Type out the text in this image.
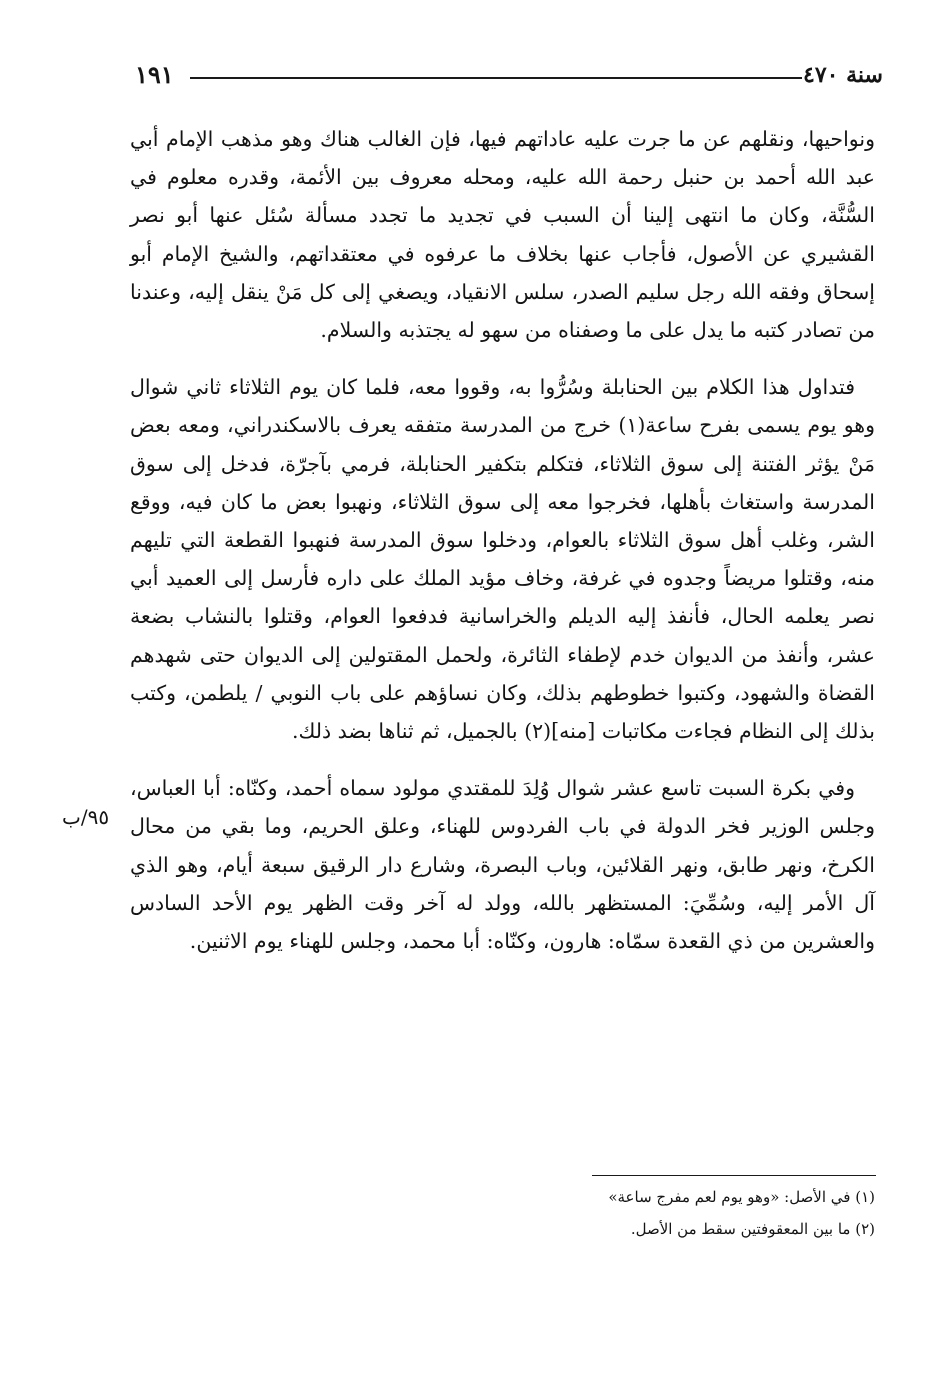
سنة ٤٧٠
١٩١

ونواحيها، ونقلهم عن ما جرت عليه عاداتهم فيها، فإن الغالب هناك وهو مذهب الإمام أبي عبد الله أحمد بن حنبل رحمة الله عليه، ومحله معروف بين الأئمة، وقدره معلوم في السُّنَّة، وكان ما انتهى إلينا أن السبب في تجديد ما تجدد مسألة سُئل عنها أبو نصر القشيري عن الأصول، فأجاب عنها بخلاف ما عرفوه في معتقداتهم، والشيخ الإمام أبو إسحاق وفقه الله رجل سليم الصدر، سلس الانقياد، ويصغي إلى كل مَنْ ينقل إليه، وعندنا من تصادر كتبه ما يدل على ما وصفناه من سهو له يجتذبه والسلام.

فتداول هذا الكلام بين الحنابلة وسُرُّوا به، وقووا معه، فلما كان يوم الثلاثاء ثاني شوال وهو يوم يسمى بفرح ساعة(١) خرج من المدرسة متفقه يعرف بالاسكندراني، ومعه بعض مَنْ يؤثر الفتنة إلى سوق الثلاثاء، فتكلم بتكفير الحنابلة، فرمي بآجرّة، فدخل إلى سوق المدرسة واستغاث بأهلها، فخرجوا معه إلى سوق الثلاثاء، ونهبوا بعض ما كان فيه، ووقع الشر، وغلب أهل سوق الثلاثاء بالعوام، ودخلوا سوق المدرسة فنهبوا القطعة التي تليهم منه، وقتلوا مريضاً وجدوه في غرفة، وخاف مؤيد الملك على داره فأرسل إلى العميد أبي نصر يعلمه الحال، فأنفذ إليه الديلم والخراسانية فدفعوا العوام، وقتلوا بالنشاب بضعة عشر، وأنفذ من الديوان خدم لإطفاء الثائرة، ولحمل المقتولين إلى الديوان حتى شهدهم القضاة والشهود، وكتبوا خطوطهم بذلك، وكان نساؤهم على باب النوبي / يلطمن، وكتب بذلك إلى النظام فجاءت مكاتبات [منه](٢) بالجميل، ثم ثناها بضد ذلك.

وفي بكرة السبت تاسع عشر شوال وُلِدَ للمقتدي مولود سماه أحمد، وكنّاه: أبا العباس، وجلس الوزير فخر الدولة في باب الفردوس للهناء، وعلق الحريم، وما بقي من محال الكرخ، ونهر طابق، ونهر القلائين، وباب البصرة، وشارع دار الرقيق سبعة أيام، وهو الذي آل الأمر إليه، وسُمِّيَ: المستظهر بالله، وولد له آخر وقت الظهر يوم الأحد السادس والعشرين من ذي القعدة سمّاه: هارون، وكنّاه: أبا محمد، وجلس للهناء يوم الاثنين.

٩٥/ب
(١) في الأصل: «وهو يوم لعم مفرج ساعة»
(٢) ما بين المعقوفتين سقط من الأصل.
